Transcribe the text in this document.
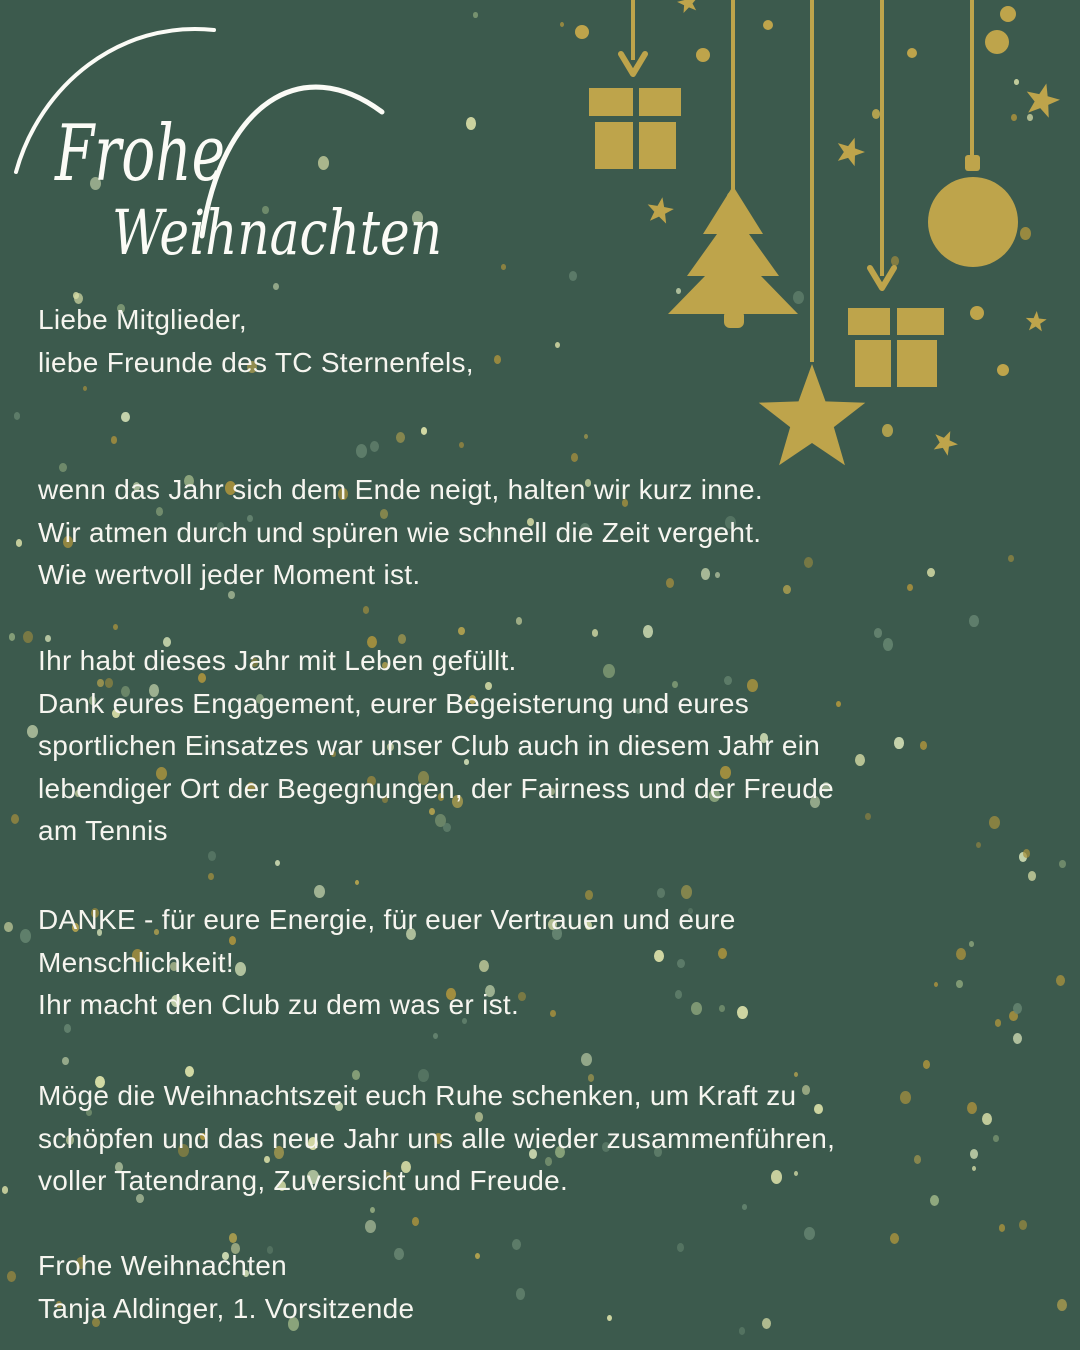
Frohe
Weihnachten
Liebe Mitglieder,
liebe Freunde des TC Sternenfels,
wenn das Jahr sich dem Ende neigt, halten wir kurz inne.
Wir atmen durch und spüren wie schnell die Zeit vergeht.
Wie wertvoll jeder Moment ist.
Ihr habt dieses Jahr mit Leben gefüllt.
Dank eures Engagement, eurer Begeisterung und eures
sportlichen Einsatzes war unser Club auch in diesem Jahr ein
lebendiger Ort der Begegnungen, der Fairness und der Freude
am Tennis
DANKE - für eure Energie, für euer Vertrauen und eure
Menschlichkeit!
Ihr macht den Club zu dem was er ist.
Möge die Weihnachtszeit euch Ruhe schenken, um Kraft zu
schöpfen und das neue Jahr uns alle wieder zusammenführen,
voller Tatendrang, Zuversicht und Freude.
Frohe Weihnachten
Tanja Aldinger, 1. Vorsitzende
